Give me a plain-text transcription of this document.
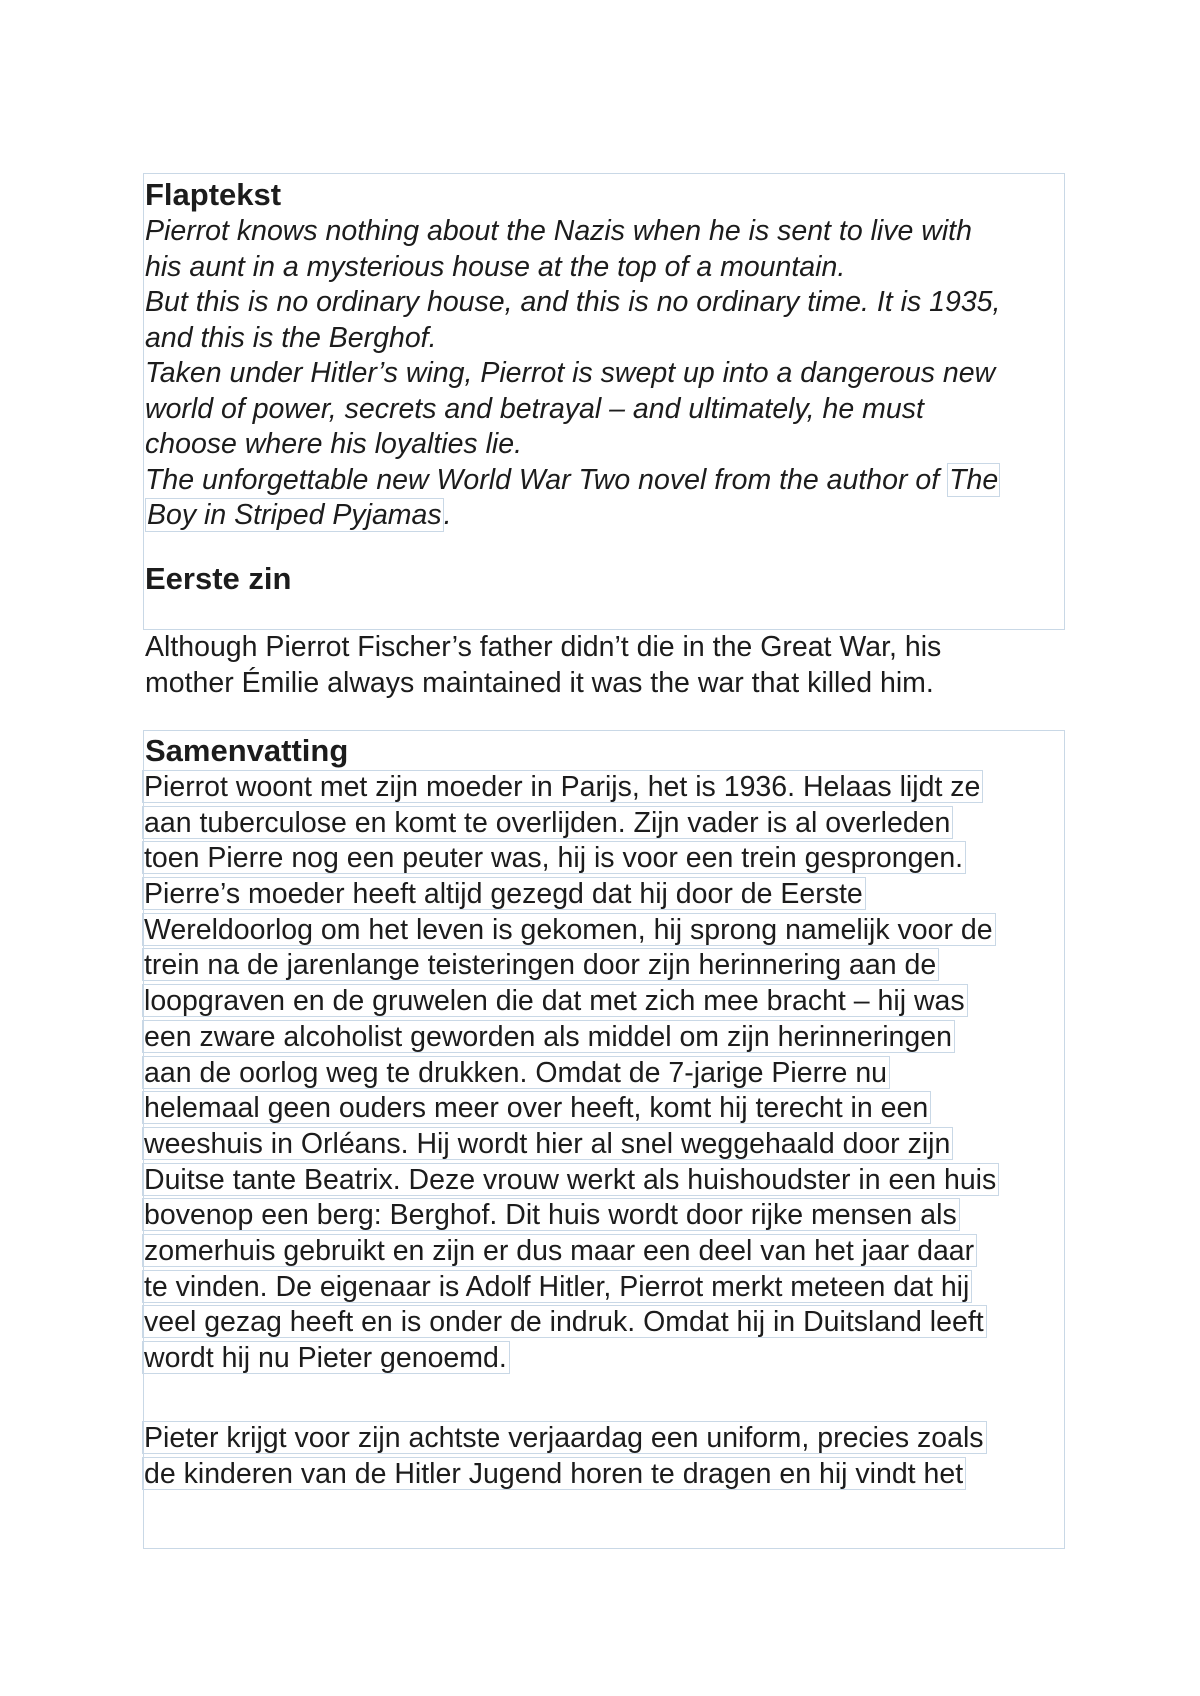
Flaptekst

Pierrot knows nothing about the Nazis when he is sent to live with
his aunt in a mysterious house at the top of a mountain.
But this is no ordinary house, and this is no ordinary time. It is 1935,
and this is the Berghof.
Taken under Hitler’s wing, Pierrot is swept up into a dangerous new
world of power, secrets and betrayal – and ultimately, he must
choose where his loyalties lie.
The unforgettable new World War Two novel from the author of The
Boy in Striped Pyjamas.

Eerste zin

Although Pierrot Fischer’s father didn’t die in the Great War, his
mother Émilie always maintained it was the war that killed him.

Samenvatting

Pierrot woont met zijn moeder in Parijs, het is 1936. Helaas lijdt ze
aan tuberculose en komt te overlijden. Zijn vader is al overleden
toen Pierre nog een peuter was, hij is voor een trein gesprongen.
Pierre’s moeder heeft altijd gezegd dat hij door de Eerste
Wereldoorlog om het leven is gekomen, hij sprong namelijk voor de
trein na de jarenlange teisteringen door zijn herinnering aan de
loopgraven en de gruwelen die dat met zich mee bracht – hij was
een zware alcoholist geworden als middel om zijn herinneringen
aan de oorlog weg te drukken. Omdat de 7-jarige Pierre nu
helemaal geen ouders meer over heeft, komt hij terecht in een
weeshuis in Orléans. Hij wordt hier al snel weggehaald door zijn
Duitse tante Beatrix. Deze vrouw werkt als huishoudster in een huis
bovenop een berg: Berghof. Dit huis wordt door rijke mensen als
zomerhuis gebruikt en zijn er dus maar een deel van het jaar daar
te vinden. De eigenaar is Adolf Hitler, Pierrot merkt meteen dat hij
veel gezag heeft en is onder de indruk. Omdat hij in Duitsland leeft
wordt hij nu Pieter genoemd.
Pieter krijgt voor zijn achtste verjaardag een uniform, precies zoals
de kinderen van de Hitler Jugend horen te dragen en hij vindt het
